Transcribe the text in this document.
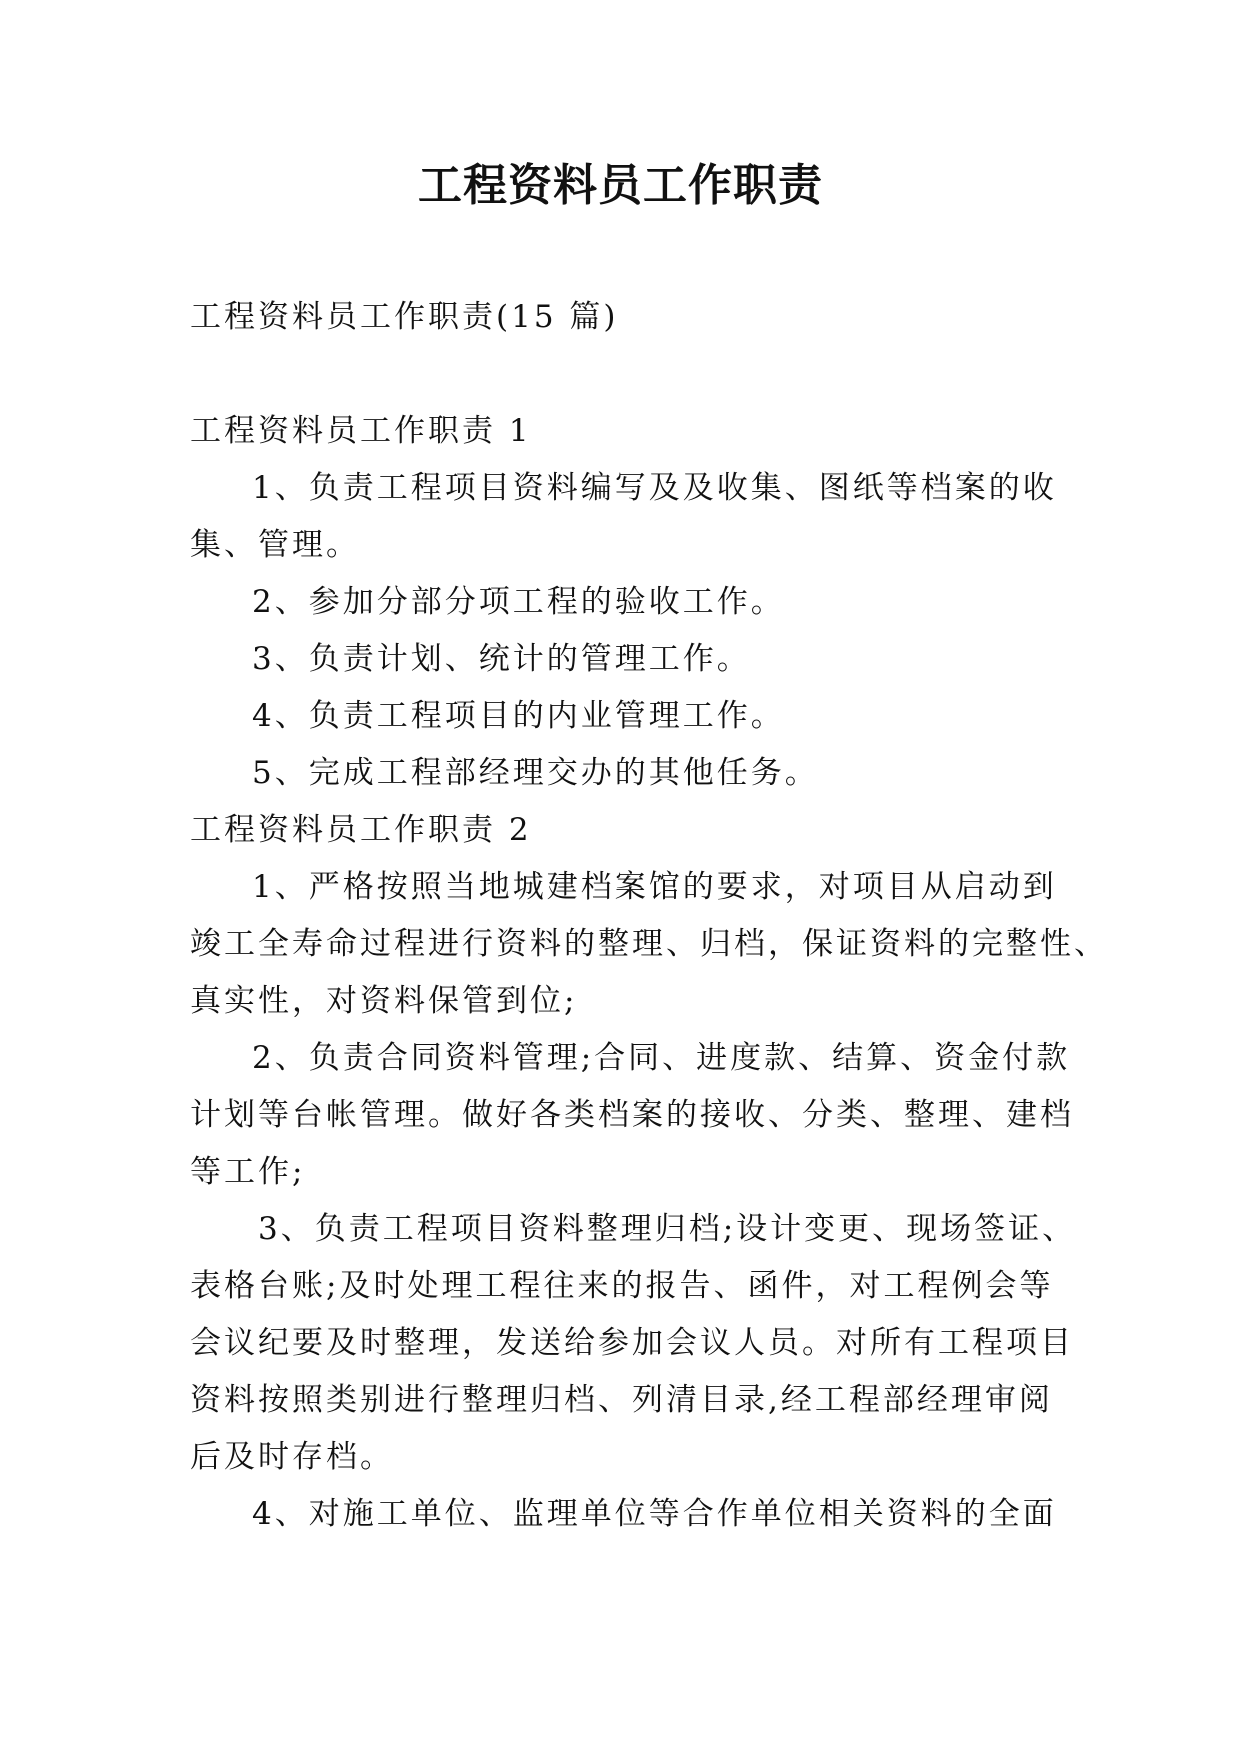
工程资料员工作职责
工程资料员工作职责(15 篇)
工程资料员工作职责 1
1、负责工程项目资料编写及及收集、图纸等档案的收
集、管理。
2、参加分部分项工程的验收工作。
3、负责计划、统计的管理工作。
4、负责工程项目的内业管理工作。
5、完成工程部经理交办的其他任务。
工程资料员工作职责 2
1、严格按照当地城建档案馆的要求，对项目从启动到
竣工全寿命过程进行资料的整理、归档，保证资料的完整性、
真实性，对资料保管到位;
2、负责合同资料管理;合同、进度款、结算、资金付款
计划等台帐管理。做好各类档案的接收、分类、整理、建档
等工作;
3、负责工程项目资料整理归档;设计变更、现场签证、
表格台账;及时处理工程往来的报告、函件，对工程例会等
会议纪要及时整理，发送给参加会议人员。对所有工程项目
资料按照类别进行整理归档、列清目录,经工程部经理审阅
后及时存档。
4、对施工单位、监理单位等合作单位相关资料的全面
